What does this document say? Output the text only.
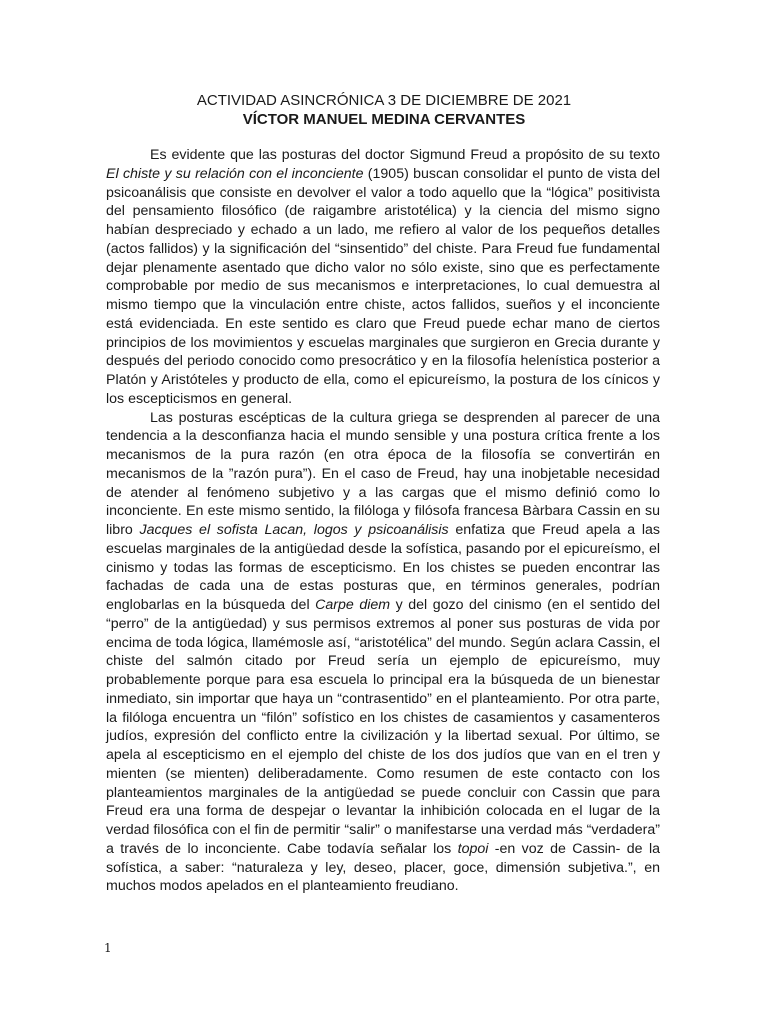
ACTIVIDAD ASINCRÓNICA 3 DE DICIEMBRE DE 2021

VÍCTOR MANUEL MEDINA CERVANTES

Es evidente que las posturas del doctor Sigmund Freud a propósito de su texto El chiste y su relación con el inconciente (1905) buscan consolidar el punto de vista del psicoanálisis que consiste en devolver el valor a todo aquello que la “lógica” positivista del pensamiento filosófico (de raigambre aristotélica) y la ciencia del mismo signo habían despreciado y echado a un lado, me refiero al valor de los pequeños detalles (actos fallidos) y la significación del “sinsentido” del chiste. Para Freud fue fundamental dejar plenamente asentado que dicho valor no sólo existe, sino que es perfectamente comprobable por medio de sus mecanismos e interpretaciones, lo cual demuestra al mismo tiempo que la vinculación entre chiste, actos fallidos, sueños y el inconciente está evidenciada. En este sentido es claro que Freud puede echar mano de ciertos principios de los movimientos y escuelas marginales que surgieron en Grecia durante y después del periodo conocido como presocrático y en la filosofía helenística posterior a Platón y Aristóteles y producto de ella, como el epicureísmo, la postura de los cínicos y los escepticismos en general.

Las posturas escépticas de la cultura griega se desprenden al parecer de una tendencia a la desconfianza hacia el mundo sensible y una postura crítica frente a los mecanismos de la pura razón (en otra época de la filosofía se convertirán en mecanismos de la ”razón pura”). En el caso de Freud, hay una inobjetable necesidad de atender al fenómeno subjetivo y a las cargas que el mismo definió como lo inconciente. En este mismo sentido, la filóloga y filósofa francesa Bàrbara Cassin en su libro Jacques el sofista Lacan, logos y psicoanálisis enfatiza que Freud apela a las escuelas marginales de la antigüedad desde la sofística, pasando por el epicureísmo, el cinismo y todas las formas de escepticismo. En los chistes se pueden encontrar las fachadas de cada una de estas posturas que, en términos generales, podrían englobarlas en la búsqueda del Carpe diem y del gozo del cinismo (en el sentido del “perro” de la antigüedad) y sus permisos extremos al poner sus posturas de vida por encima de toda lógica, llamémosle así, “aristotélica” del mundo. Según aclara Cassin, el chiste del salmón citado por Freud sería un ejemplo de epicureísmo, muy probablemente porque para esa escuela lo principal era la búsqueda de un bienestar inmediato, sin importar que haya un “contrasentido” en el planteamiento. Por otra parte, la filóloga encuentra un “filón” sofístico en los chistes de casamientos y casamenteros judíos, expresión del conflicto entre la civilización y la libertad sexual. Por último, se apela al escepticismo en el ejemplo del chiste de los dos judíos que van en el tren y mienten (se mienten) deliberadamente. Como resumen de este contacto con los planteamientos marginales de la antigüedad se puede concluir con Cassin que para Freud era una forma de despejar o levantar la inhibición colocada en el lugar de la verdad filosófica con el fin de permitir “salir” o manifestarse una verdad más “verdadera” a través de lo inconciente. Cabe todavía señalar los topoi -en voz de Cassin- de la sofística, a saber: “naturaleza y ley, deseo, placer, goce, dimensión subjetiva.”, en muchos modos apelados en el planteamiento freudiano.

1
